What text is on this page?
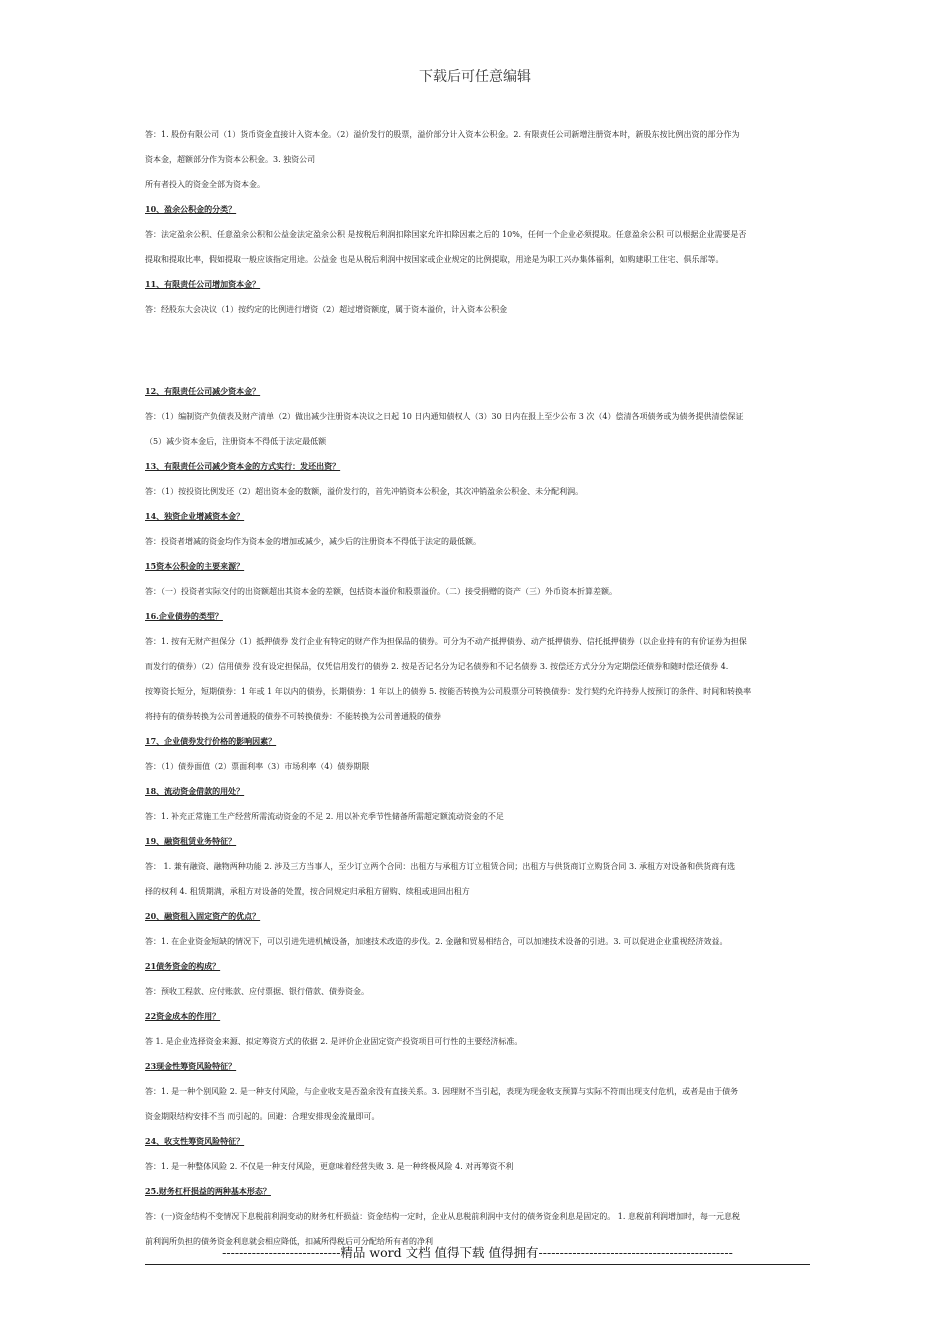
下载后可任意编辑

答：1. 股份有限公司（1）货币资金直接计入资本金。（2）溢价发行的股票，溢价部分计入资本公积金。2. 有限责任公司新增注册资本时，新股东按比例出资的部分作为

资本金，超额部分作为资本公积金。3. 独资公司

所有者投入的资金全部为资本金。

10、盈余公积金的分类？

答：法定盈余公积、任意盈余公积和公益金法定盈余公积 是按税后利润扣除国家允许扣除因素之后的 10%，任何一个企业必须提取。任意盈余公积 可以根据企业需要是否

提取和提取比率，假如提取一般应该指定用途。公益金 也是从税后利润中按国家或企业规定的比例提取，用途是为职工兴办集体福利，如购建职工住宅、俱乐部等。

11、有限责任公司增加资本金？

答：经股东大会决议（1）按约定的比例进行增资（2）超过增资额度，属于资本溢价，计入资本公积金

12、有限责任公司减少资本金？

答：（1）编制资产负债表及财产清单（2）做出减少注册资本决议之日起 10 日内通知债权人（3）30 日内在报上至少公布 3 次（4）偿清各项债务或为债务提供清偿保证

（5）减少资本金后，注册资本不得低于法定最低额

13、有限责任公司减少资本金的方式实行：发还出资？

答：（1）按投资比例发还（2）超出资本金的数额，溢价发行的，首先冲销资本公积金，其次冲销盈余公积金、未分配利润。

14、独资企业增减资本金？

答：投资者增减的资金均作为资本金的增加或减少，减少后的注册资本不得低于法定的最低额。

15资本公积金的主要来源？

答：（一）投资者实际交付的出资额超出其资本金的差额，包括资本溢价和股票溢价。（二）接受捐赠的资产（三）外币资本折算差额。

16.企业债券的类型？

答：1. 按有无财产担保分（1）抵押债券 发行企业有特定的财产作为担保品的债券。可分为不动产抵押债券、动产抵押债券、信托抵押债券（以企业持有的有价证券为担保

而发行的债券）（2）信用债券 没有设定担保品，仅凭信用发行的债券 2. 按是否记名分为记名债券和不记名债券 3. 按偿还方式分分为定期偿还债券和随时偿还债券 4.

按筹资长短分，短期债券：1 年或 1 年以内的债券，长期债券：1 年以上的债券 5. 按能否转换为公司股票分可转换债券：发行契约允许持券人按预订的条件、时间和转换率

将持有的债券转换为公司普通股的债券不可转换债券：不能转换为公司普通股的债券

17、企业债券发行价格的影响因素？

答：（1）债券面值（2）票面利率（3）市场利率（4）债券期限

18、流动资金借款的用处？

答：1. 补充正常施工生产经营所需流动资金的不足 2. 用以补充季节性储备所需超定额流动资金的不足

19、融资租赁业务特征？

答： 1. 兼有融资、融物两种功能 2. 涉及三方当事人，至少订立两个合同：出租方与承租方订立租赁合同；出租方与供货商订立购货合同 3. 承租方对设备和供货商有选

择的权利 4. 租赁期满，承租方对设备的处置，按合同规定归承租方留购、续租或退回出租方

20、融资租入固定资产的优点？

答：1. 在企业资金短缺的情况下，可以引进先进机械设备，加速技术改造的步伐。2. 金融和贸易相结合，可以加速技术设备的引进。3. 可以促进企业重视经济效益。

21债务资金的构成？

答：预收工程款、应付账款、应付票据、银行借款、债券资金。

22资金成本的作用？

答 1. 是企业选择资金来源、拟定筹资方式的依据 2. 是评价企业固定资产投资项目可行性的主要经济标准。

23现金性筹资风险特征？

答：1. 是一种个别风险 2. 是一种支付风险，与企业收支是否盈余没有直接关系。3. 因理财不当引起，表现为现金收支预算与实际不符而出现支付危机，或者是由于债务

资金期限结构安排不当 而引起的。回避：合理安排现金流量即可。

24、收支性筹资风险特征？

答：1. 是一种整体风险 2. 不仅是一种支付风险，更意味着经营失败 3. 是一种终极风险 4. 对再筹资不利

25.财务杠杆损益的两种基本形态？

答：(一)资金结构不变情况下息税前利润变动的财务杠杆损益：资金结构一定时，企业从息税前利润中支付的债务资金利息是固定的。 1. 息税前利润增加时，每一元息税

前利润所负担的债务资金利息就会相应降低，扣减所得税后可分配给所有者的净利

----------------------------精品 word 文档 值得下载 值得拥有----------------------------------------------
